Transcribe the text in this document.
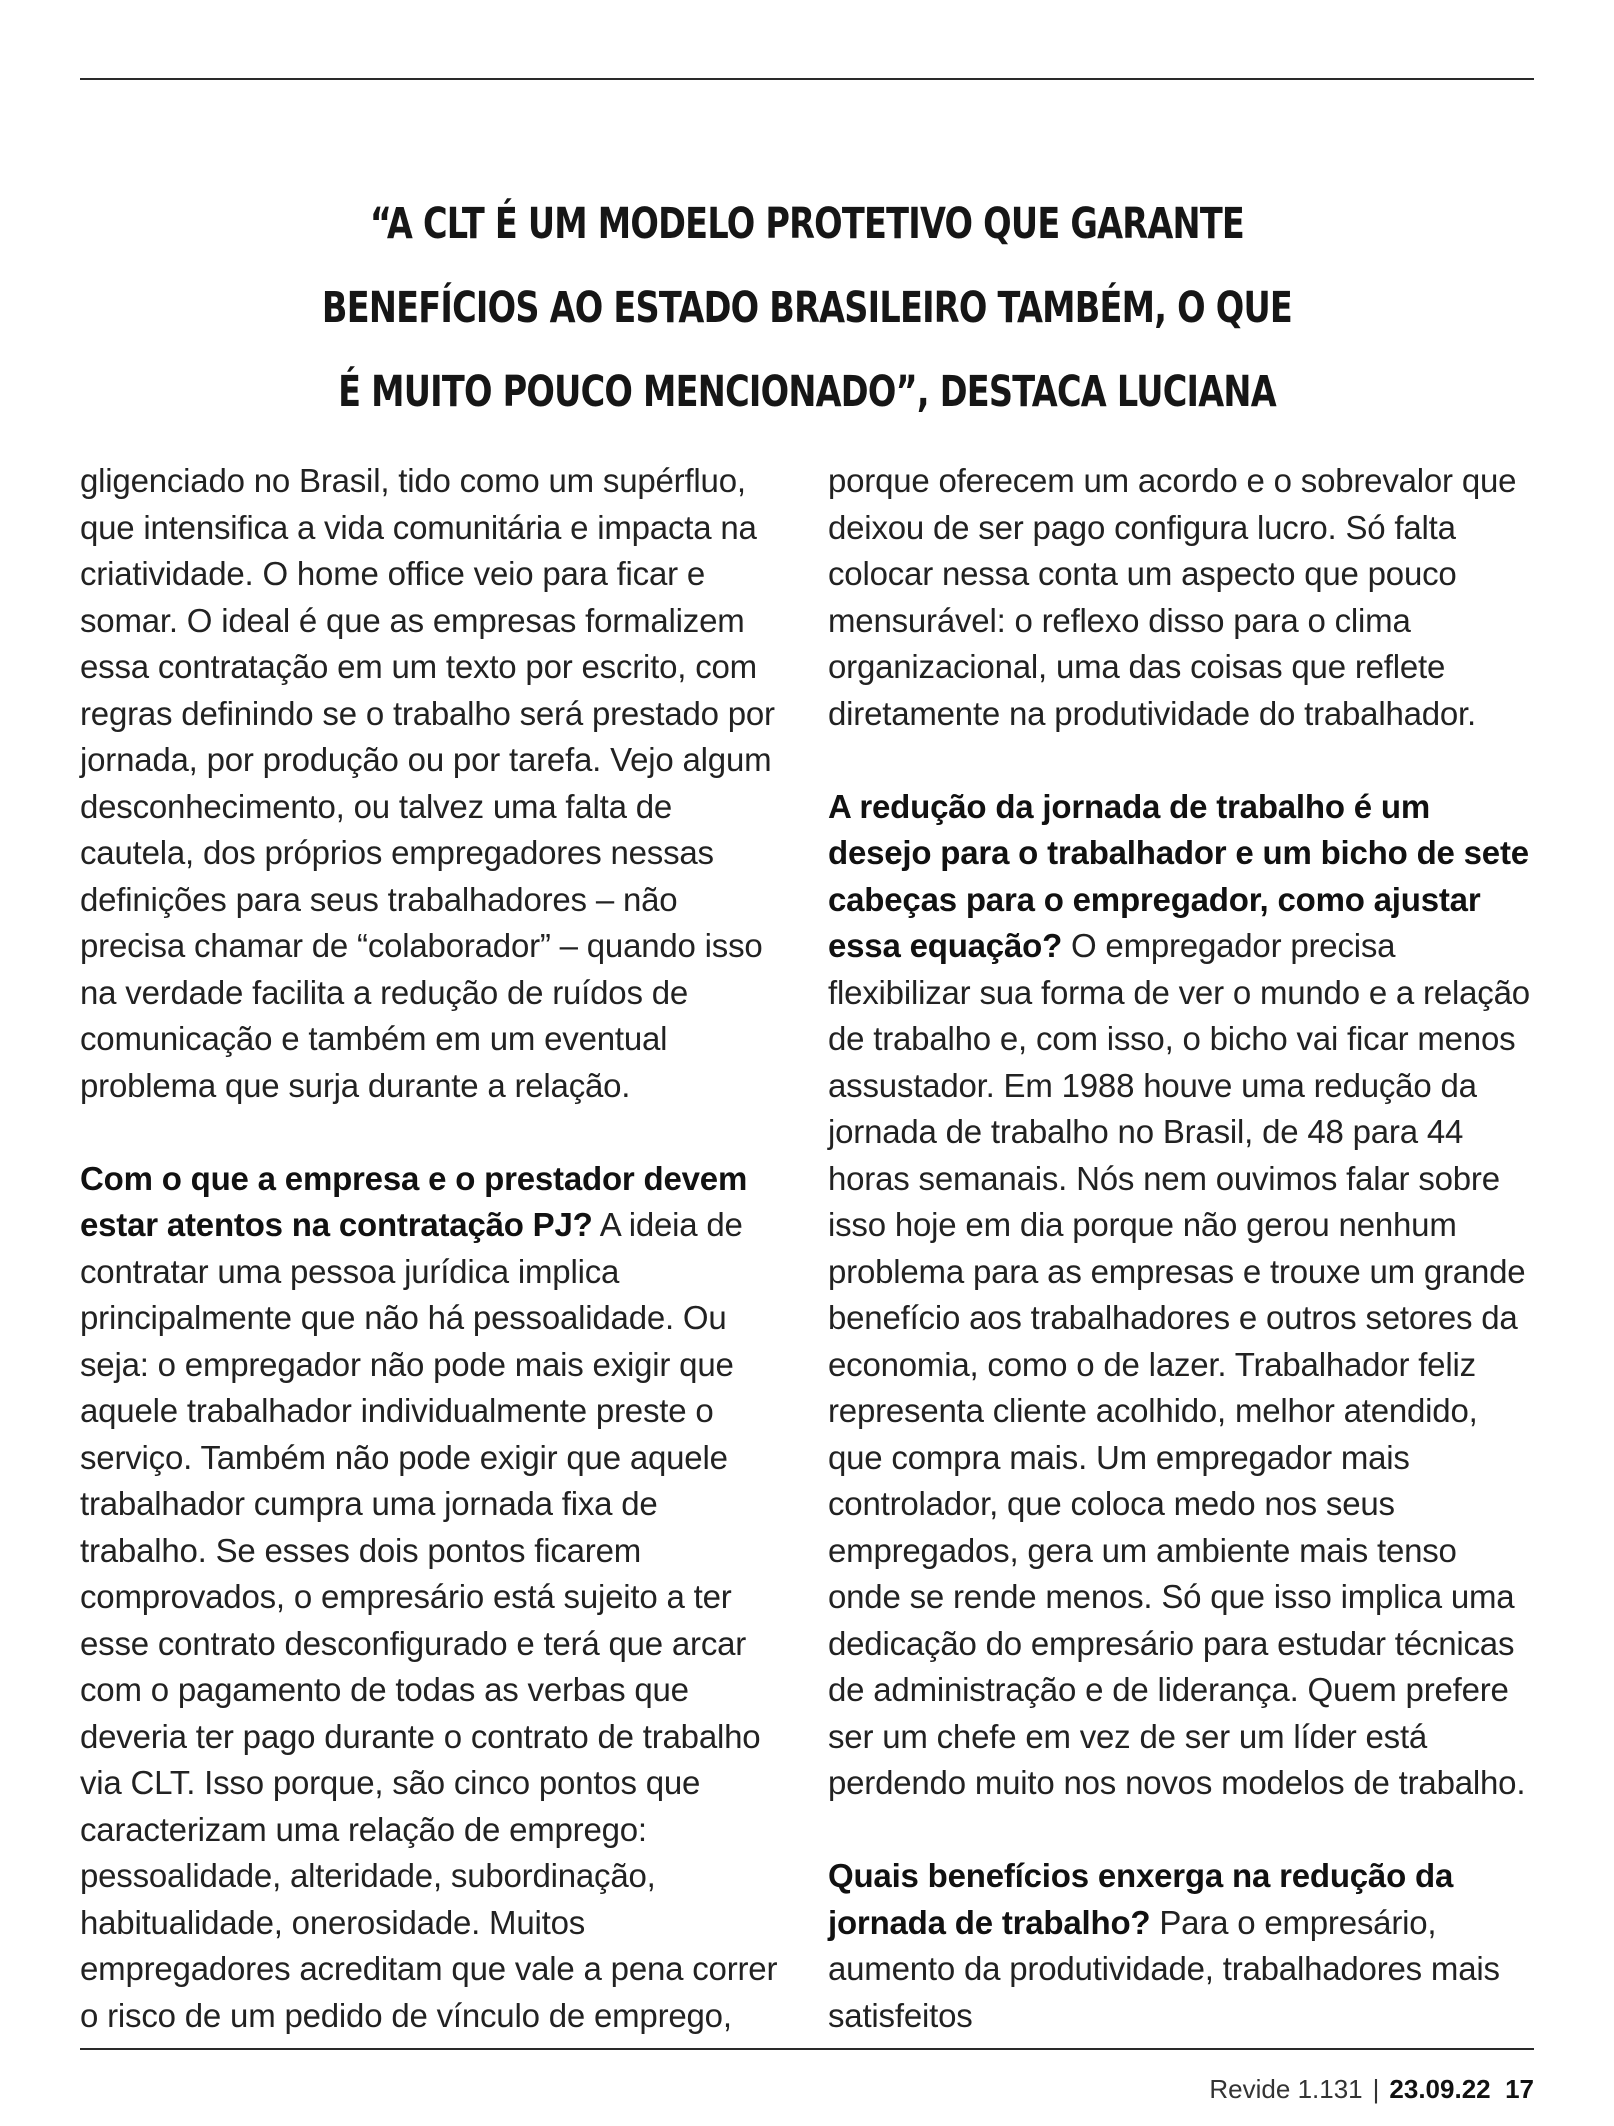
“A CLT É UM MODELO PROTETIVO QUE GARANTE
BENEFÍCIOS AO ESTADO BRASILEIRO TAMBÉM, O QUE
É MUITO POUCO MENCIONADO”, DESTACA LUCIANA

gligenciado no Brasil, tido como um supérfluo, que intensifica a vida comunitária e impacta na criatividade. O home office veio para ficar e somar. O ideal é que as empresas formalizem essa contratação em um texto por escrito, com regras definindo se o trabalho será prestado por jornada, por produção ou por tarefa. Vejo algum desconhecimento, ou talvez uma falta de cautela, dos próprios empregadores nessas definições para seus trabalhadores – não precisa chamar de “colaborador” – quando isso na verdade facilita a redução de ruídos de comunicação e também em um eventual problema que surja durante a relação.

Com o que a empresa e o prestador devem estar atentos na contratação PJ? A ideia de contratar uma pessoa jurídica implica principalmente que não há pessoalidade. Ou seja: o empregador não pode mais exigir que aquele trabalhador individualmente preste o serviço. Também não pode exigir que aquele trabalhador cumpra uma jornada fixa de trabalho. Se esses dois pontos ficarem comprovados, o empresário está sujeito a ter esse contrato desconfigurado e terá que arcar com o pagamento de todas as verbas que deveria ter pago durante o contrato de trabalho via CLT. Isso porque, são cinco pontos que caracterizam uma relação de emprego: pessoalidade, alteridade, subordinação, habitualidade, onerosidade. Muitos empregadores acreditam que vale a pena correr o risco de um pedido de vínculo de emprego,

porque oferecem um acordo e o sobrevalor que deixou de ser pago configura lucro. Só falta colocar nessa conta um aspecto que pouco mensurável: o reflexo disso para o clima organizacional, uma das coisas que reflete diretamente na produtividade do trabalhador.

A redução da jornada de trabalho é um desejo para o trabalhador e um bicho de sete cabeças para o empregador, como ajustar essa equação? O empregador precisa flexibilizar sua forma de ver o mundo e a relação de trabalho e, com isso, o bicho vai ficar menos assustador. Em 1988 houve uma redução da jornada de trabalho no Brasil, de 48 para 44 horas semanais. Nós nem ouvimos falar sobre isso hoje em dia porque não gerou nenhum problema para as empresas e trouxe um grande benefício aos trabalhadores e outros setores da economia, como o de lazer. Trabalhador feliz representa cliente acolhido, melhor atendido, que compra mais. Um empregador mais controlador, que coloca medo nos seus empregados, gera um ambiente mais tenso onde se rende menos. Só que isso implica uma dedicação do empresário para estudar técnicas de administração e de liderança. Quem prefere ser um chefe em vez de ser um líder está perdendo muito nos novos modelos de trabalho.

Quais benefícios enxerga na redução da jornada de trabalho? Para o empresário, aumento da produtividade, trabalhadores mais satisfeitos

Revide 1.131 | 23.09.22 17
